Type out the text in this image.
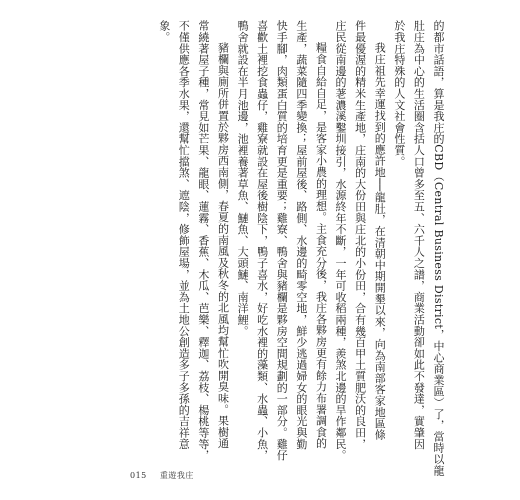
的都市話語，算是我庄的CBD（Central Business District，中心商業區）了，當時以龍
肚庄為中心的生活圈含括人口曾多至五、六千人之譜，商業活動卻如此不發達，實肇因
於我庄特殊的人文社會性質。
我庄祖先幸運找到的應許地──龍肚，在清朝中期開墾以來，向為南部客家地區條
件最優渥的精米生產地，庄南的大份田與庄北的小份田，合有幾百甲土質肥沃的良田，
庄民從南邊的荖濃溪鑿圳接引，水源終年不斷，一年可收稻兩種，羨煞北邊的旱作鄰民。
糧食自給自足，是客家小農的理想。主食充分後，我庄各夥房更有餘力布署調食的
生產，蔬菜隨四季變換；屋前屋後、路側、水邊的畸零空地，鮮少逃過婦女的眼光與勤
快手腳，肉類蛋白質的培育更是重要；雞寮、鴨舍與豬欄是夥房空間規劃的一部分。雞仔
喜歡土裡挖食蟲仔，雞寮就設在屋後樹陰下，鴨子喜水，好吃水裡的藻類、水蟲、小魚，
鴨舍就設在半月池邊，池裡養著草魚、鰱魚、大頭鰱、南洋鯉。
豬欄與廁所併置於夥房西南側，春夏的南風及秋冬的北風均幫忙吹開臭味。果樹通
常繞著屋子種，常見如芒果、龍眼、蓮霧、香蕉、木瓜、芭樂、釋迦、荔枝、楊桃等等，
不僅供應各季水果，還幫忙擋煞、遮陰，修飾屋場，並為土地公創造多子多孫的吉祥意
象。
015 重遊我庄
